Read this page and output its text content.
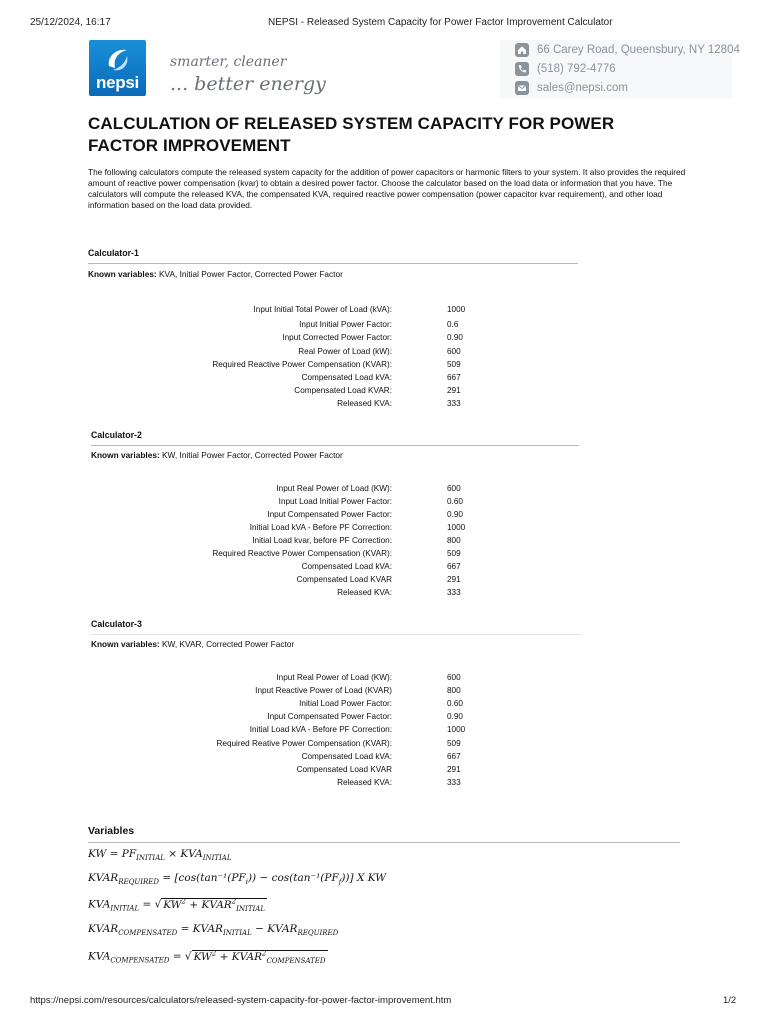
25/12/2024, 16:17	NEPSI - Released System Capacity for Power Factor Improvement Calculator
nepsi
smarter, cleaner
... better energy
66 Carey Road, Queensbury, NY 12804
(518) 792-4776
sales@nepsi.com
CALCULATION OF RELEASED SYSTEM CAPACITY FOR POWER
FACTOR IMPROVEMENT
The following calculators compute the released system capacity for the addition of power capacitors or harmonic filters to your system. It also provides the required amount of reactive power compensation (kvar) to obtain a desired power factor. Choose the calculator based on the load data or information that you have. The calculators will compute the released KVA, the compensated KVA, required reactive power compensation (power capacitor kvar requirement), and other load information based on the load data provided.
Calculator-1
Known variables: KVA, Initial Power Factor, Corrected Power Factor
Input Initial Total Power of Load (kVA):	1000
Input Initial Power Factor:	0.6
Input Corrected Power Factor:	0.90
Real Power of Load (kW):	600
Required Reactive Power Compensation (KVAR):	509
Compensated Load kVA:	667
Compensated Load KVAR:	291
Released KVA:	333
Calculator-2
Known variables: KW, Initial Power Factor, Corrected Power Factor
Input Real Power of Load (KW):	600
Input Load Initial Power Factor:	0.60
Input Compensated Power Factor:	0.90
Initial Load kVA - Before PF Correction:	1000
Initial Load kvar, before PF Correction:	800
Required Reactive Power Compensation (KVAR):	509
Compensated Load kVA:	667
Compensated Load KVAR	291
Released KVA:	333
Calculator-3
Known variables: KW, KVAR, Corrected Power Factor
Input Real Power of Load (KW):	600
Input Reactive Power of Load (KVAR)	800
Initial Load Power Factor:	0.60
Input Compensated Power Factor:	0.90
Initial Load kVA - Before PF Correction:	1000
Required Reative Power Compensation (KVAR):	509
Compensated Load kVA:	667
Compensated Load KVAR	291
Released KVA:	333
Variables
KW = $PF_{INITIAL} \times KVA_{INITIAL}$
$KVAR_{REQUIRED} = [\cos(\tan^{-1}(PF_i)) - \cos(\tan^{-1}(PF_f))]$ X KW
$KVA_{INITIAL}$ = √ $KW^2$ + $KVAR^2_{INITIAL}$
$KVAR_{COMPENSATED}$ = $KVAR_{INITIAL}$ − $KVAR_{REQUIRED}$
$KVA_{COMPENSATED}$ = √ $KW^2$ + $KVAR^2_{COMPENSATED}$
https://nepsi.com/resources/calculators/released-system-capacity-for-power-factor-improvement.htm	1/2
